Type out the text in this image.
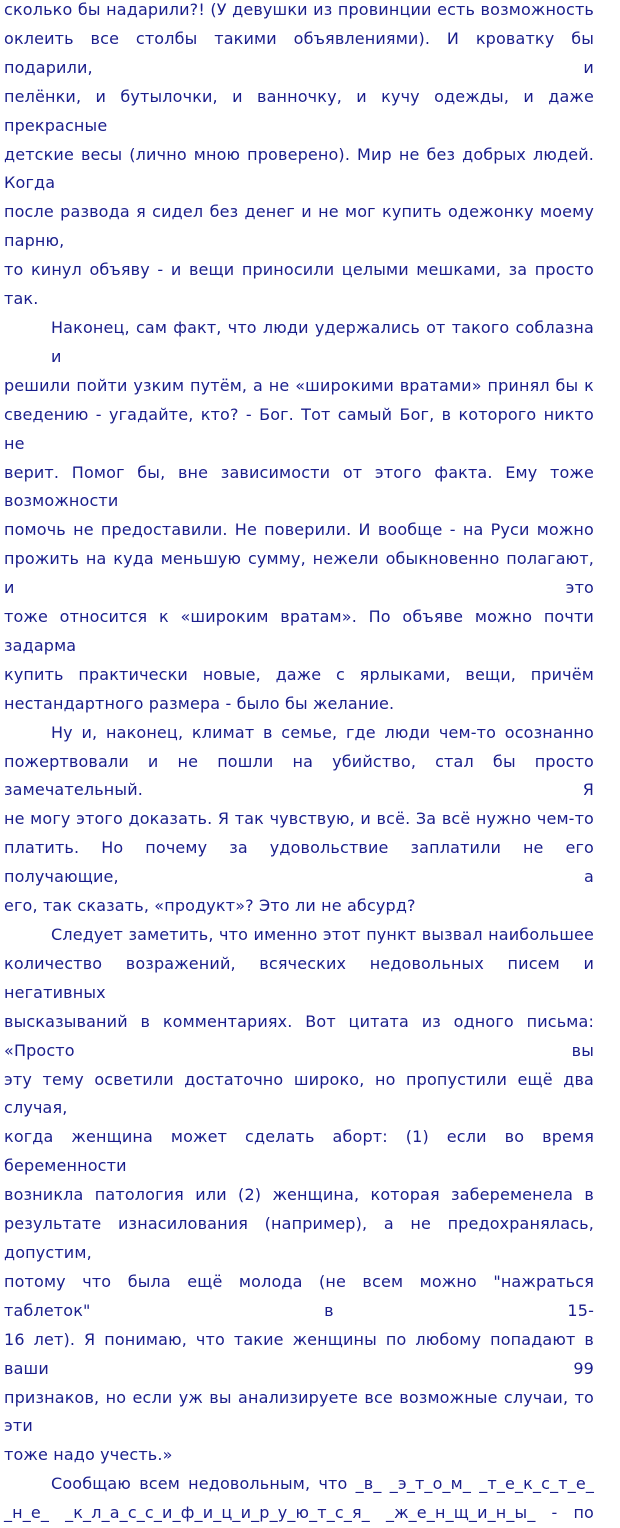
сколько бы надарили?! (У девушки из провинции есть возможность
оклеить все столбы такими объявлениями). И кроватку бы подарили, и
пелёнки, и бутылочки, и ванночку, и кучу одежды, и даже прекрасные
детские весы (лично мною проверено). Мир не без добрых людей. Когда
после развода я сидел без денег и не мог купить одежонку моему парню,
то кинул объяву - и вещи приносили целыми мешками, за просто так.
Наконец, сам факт, что люди удержались от такого соблазна и
решили пойти узким путём, а не «широкими вратами» принял бы к
сведению - угадайте, кто? - Бог. Тот самый Бог, в которого никто не
верит. Помог бы, вне зависимости от этого факта. Ему тоже возможности
помочь не предоставили. Не поверили. И вообще - на Руси можно
прожить на куда меньшую сумму, нежели обыкновенно полагают, и это
тоже относится к «широким вратам». По объяве можно почти задарма
купить практически новые, даже с ярлыками, вещи, причём
нестандартного размера - было бы желание.
Ну и, наконец, климат в семье, где люди чем-то осознанно
пожертвовали и не пошли на убийство, стал бы просто замечательный. Я
не могу этого доказать. Я так чувствую, и всё. За всё нужно чем-то
платить. Но почему за удовольствие заплатили не его получающие, а
его, так сказать, «продукт»? Это ли не абсурд?
Следует заметить, что именно этот пункт вызвал наибольшее
количество возражений, всяческих недовольных писем и негативных
высказываний в комментариях. Вот цитата из одного письма: «Просто вы
эту тему осветили достаточно широко, но пропустили ещё два случая,
когда женщина может сделать аборт: (1) если во время беременности
возникла патология или (2) женщина, которая забеременела в
результате изнасилования (например), а не предохранялась, допустим,
потому что была ещё молода (не всем можно "нажраться таблеток" в 15-
16 лет). Я понимаю, что такие женщины по любому попадают в ваши 99
признаков, но если уж вы анализируете все возможные случаи, то эти
тоже надо учесть.»
Сообщаю всем недовольным, что _в_ _э_т_о_м_ _т_е_к_с_т_е_
_н_е_ _к_л_а_с_с_и_ф_и_ц_и_р_у_ю_т_с_я_ _ж_е_н_щ_и_н_ы_ - по
